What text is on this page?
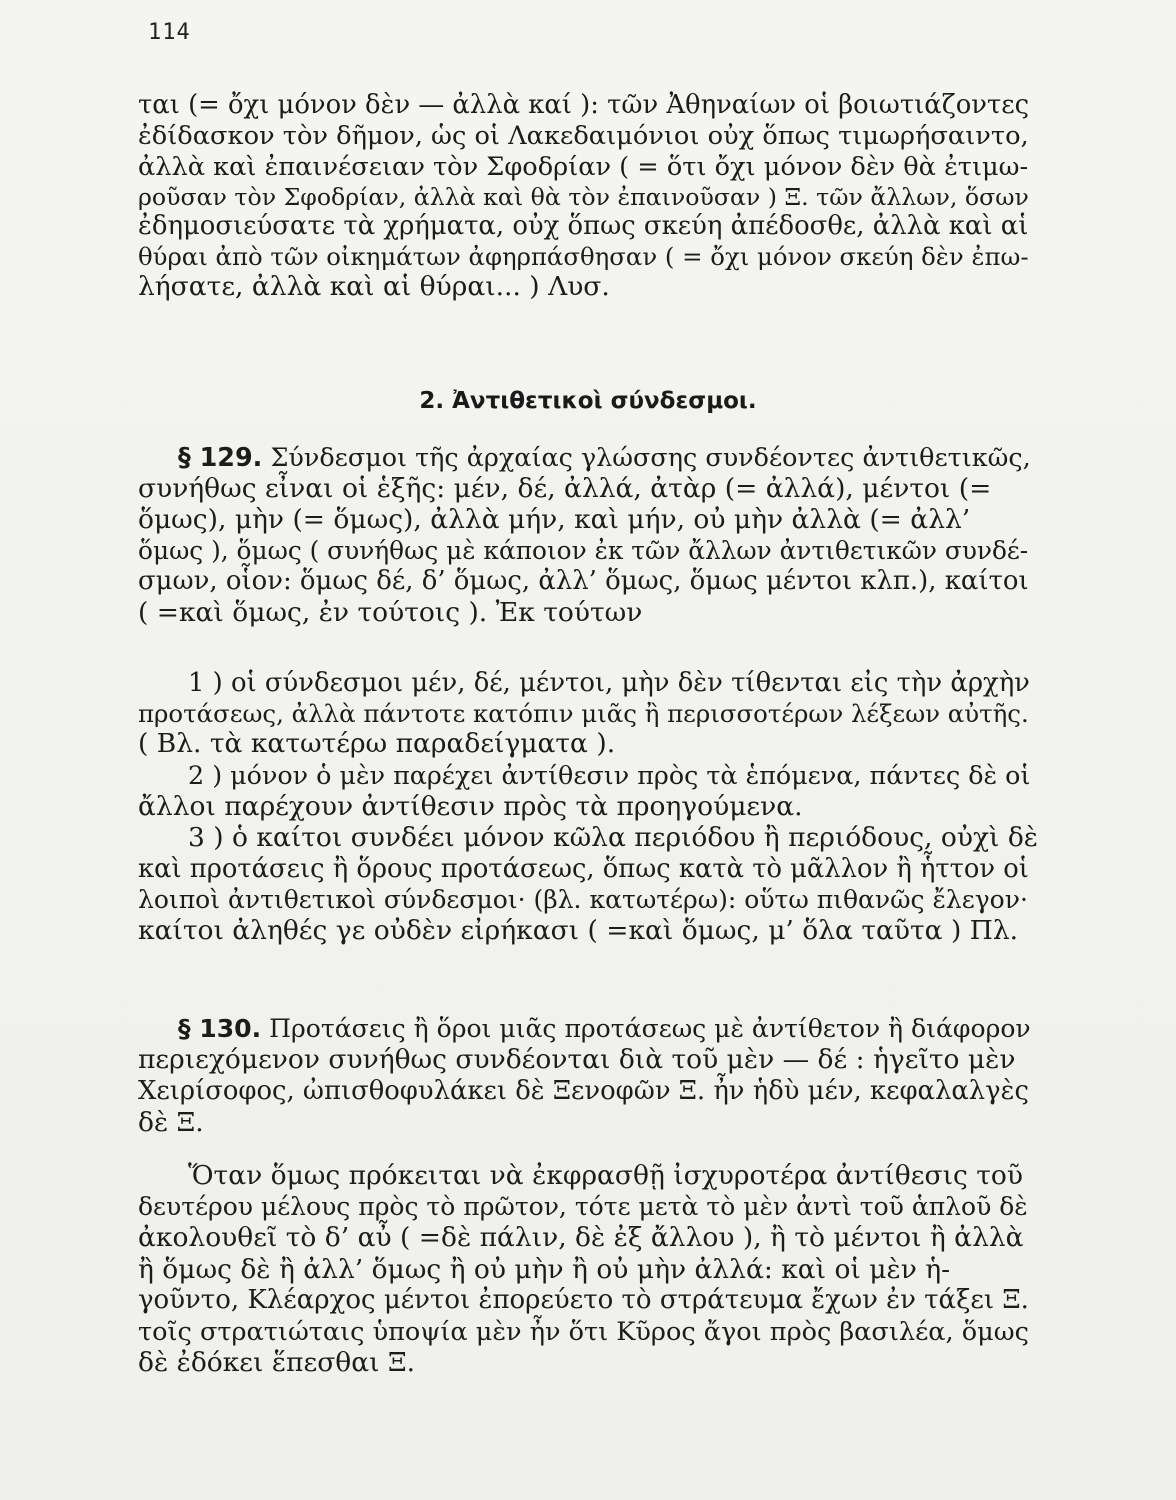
114
ται (= ὄχι μόνον δὲν — ἀλλὰ καί ): τῶν Ἀθηναίων οἱ βοιωτιάζοντες
ἐδίδασκον τὸν δῆμον, ὡς οἱ Λακεδαιμόνιοι οὐχ ὅπως τιμωρήσαιντο,
ἀλλὰ καὶ ἐπαινέσειαν τὸν Σφοδρίαν ( = ὅτι ὄχι μόνον δὲν θὰ ἐτιμω-
ροῦσαν τὸν Σφοδρίαν, ἀλλὰ καὶ θὰ τὸν ἐπαινοῦσαν ) Ξ. τῶν ἄλλων, ὅσων
ἐδημοσιεύσατε τὰ χρήματα, οὐχ ὅπως σκεύη ἀπέδοσθε, ἀλλὰ καὶ αἱ
θύραι ἀπὸ τῶν οἰκημάτων ἀφηρπάσθησαν ( = ὄχι μόνον σκεύη δὲν ἐπω-
λήσατε, ἀλλὰ καὶ αἱ θύραι... ) Λυσ.
2. Ἀντιθετικοὶ σύνδεσμοι.
§ 129. Σύνδεσμοι τῆς ἀρχαίας γλώσσης συνδέοντες ἀντιθετικῶς,
συνήθως εἶναι οἱ ἑξῆς: μέν, δέ, ἀλλά, ἀτὰρ (= ἀλλά), μέντοι (=
ὅμως), μὴν (= ὅμως), ἀλλὰ μήν, καὶ μήν, οὐ μὴν ἀλλὰ (= ἀλλ’
ὅμως ), ὅμως ( συνήθως μὲ κάποιον ἐκ τῶν ἄλλων ἀντιθετικῶν συνδέ-
σμων, οἷον: ὅμως δέ, δ’ ὅμως, ἀλλ’ ὅμως, ὅμως μέντοι κλπ.), καίτοι
( =καὶ ὅμως, ἐν τούτοις ). Ἐκ τούτων
1 ) οἱ σύνδεσμοι μέν, δέ, μέντοι, μὴν δὲν τίθενται εἰς τὴν ἀρχὴν
προτάσεως, ἀλλὰ πάντοτε κατόπιν μιᾶς ἢ περισσοτέρων λέξεων αὐτῆς.
( Βλ. τὰ κατωτέρω παραδείγματα ).
2 ) μόνον ὁ μὲν παρέχει ἀντίθεσιν πρὸς τὰ ἑπόμενα, πάντες δὲ οἱ
ἄλλοι παρέχουν ἀντίθεσιν πρὸς τὰ προηγούμενα.
3 ) ὁ καίτοι συνδέει μόνον κῶλα περιόδου ἢ περιόδους, οὐχὶ δὲ
καὶ προτάσεις ἢ ὅρους προτάσεως, ὅπως κατὰ τὸ μᾶλλον ἢ ἧττον οἱ
λοιποὶ ἀντιθετικοὶ σύνδεσμοι· (βλ. κατωτέρω): οὕτω πιθανῶς ἔλεγον·
καίτοι ἀληθές γε οὐδὲν εἰρήκασι ( =καὶ ὅμως, μ’ ὅλα ταῦτα ) Πλ.
§ 130. Προτάσεις ἢ ὅροι μιᾶς προτάσεως μὲ ἀντίθετον ἢ διάφορον
περιεχόμενον συνήθως συνδέονται διὰ τοῦ μὲν — δέ : ἡγεῖτο μὲν
Χειρίσοφος, ὠπισθοφυλάκει δὲ Ξενοφῶν Ξ. ἦν ἡδὺ μέν, κεφαλαλγὲς
δὲ Ξ.
Ὅταν ὅμως πρόκειται νὰ ἐκφρασθῇ ἰσχυροτέρα ἀντίθεσις τοῦ
δευτέρου μέλους πρὸς τὸ πρῶτον, τότε μετὰ τὸ μὲν ἀντὶ τοῦ ἁπλοῦ δὲ
ἀκολουθεῖ τὸ δ’ αὖ ( =δὲ πάλιν, δὲ ἐξ ἄλλου ), ἢ τὸ μέντοι ἢ ἀλλὰ
ἢ ὅμως δὲ ἢ ἀλλ’ ὅμως ἢ οὐ μὴν ἢ οὐ μὴν ἀλλά: καὶ οἱ μὲν ἡ-
γοῦντο, Κλέαρχος μέντοι ἐπορεύετο τὸ στράτευμα ἔχων ἐν τάξει Ξ.
τοῖς στρατιώταις ὑποψία μὲν ἦν ὅτι Κῦρος ἄγοι πρὸς βασιλέα, ὅμως
δὲ ἐδόκει ἕπεσθαι Ξ.
